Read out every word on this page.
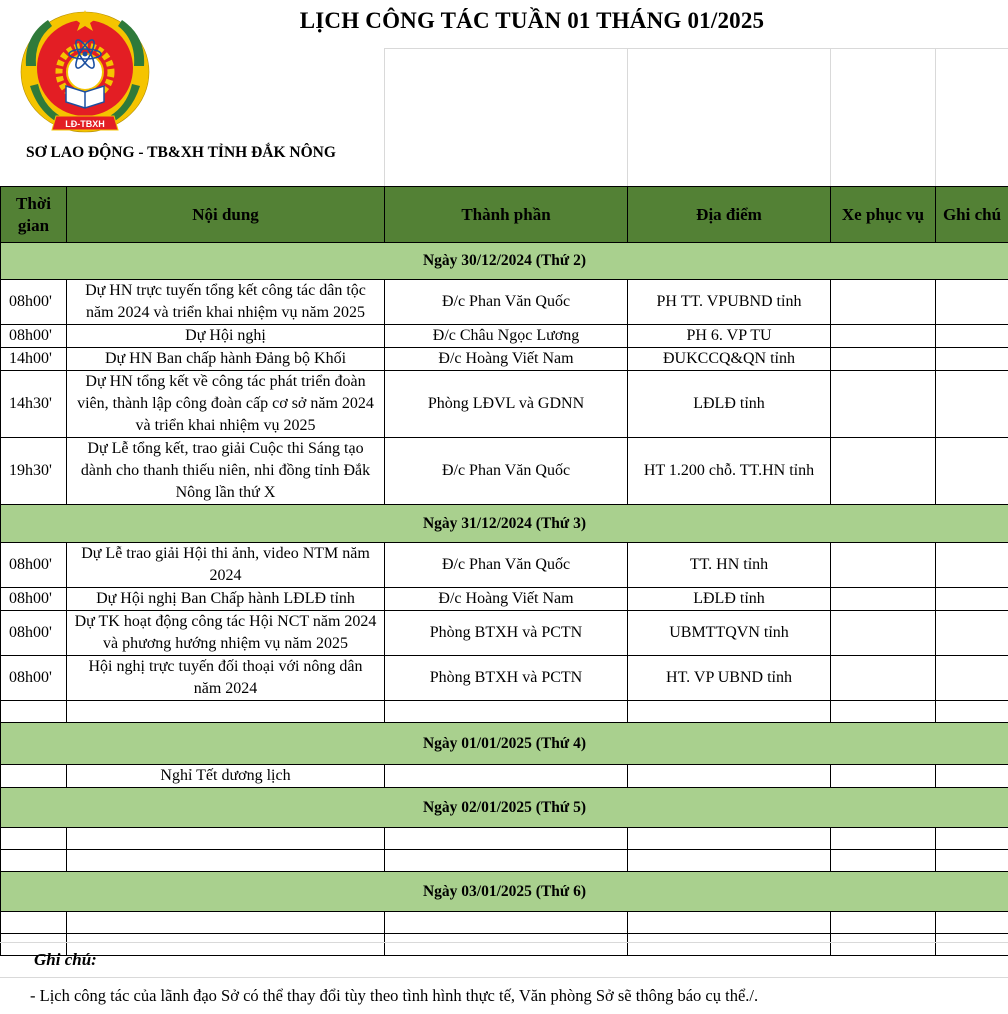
LỊCH CÔNG TÁC TUẦN 01 THÁNG 01/2025
LĐ-TBXH
SƠ LAO ĐỘNG - TB&XH TỈNH ĐẮK NÔNG
Thời gian	Nội dung	Thành phần	Địa điểm	Xe phục vụ	Ghi chú
Ngày 30/12/2024 (Thứ 2)					
08h00'	Dự HN trực tuyến tổng kết công tác dân tộc năm 2024 và triển khai nhiệm vụ năm 2025	Đ/c Phan Văn Quốc	PH TT. VPUBND tỉnh		
08h00'	Dự Hội nghị	Đ/c Châu Ngọc Lương	PH 6. VP TU		
14h00'	Dự HN Ban chấp hành Đảng bộ Khối	Đ/c Hoàng Viết Nam	ĐUKCCQ&QN tỉnh		
14h30'	Dự HN tổng kết về công tác phát triển đoàn viên, thành lập công đoàn cấp cơ sở năm 2024 và triển khai nhiệm vụ 2025	Phòng LĐVL và GDNN	LĐLĐ tỉnh		
19h30'	Dự Lễ tổng kết, trao giải Cuộc thi Sáng tạo dành cho thanh thiếu niên, nhi đồng tỉnh Đắk Nông lần thứ X	Đ/c Phan Văn Quốc	HT 1.200 chỗ. TT.HN tỉnh		
Ngày 31/12/2024 (Thứ 3)					
08h00'	Dự Lễ trao giải Hội thi ảnh, video NTM năm 2024	Đ/c Phan Văn Quốc	TT. HN tỉnh		
08h00'	Dự Hội nghị Ban Chấp hành LĐLĐ tỉnh	Đ/c Hoàng Viết Nam	LĐLĐ tỉnh		
08h00'	Dự TK hoạt động công tác Hội NCT năm 2024 và phương hướng nhiệm vụ năm 2025	Phòng BTXH và PCTN	UBMTTQVN tỉnh		
08h00'	Hội nghị trực tuyến đối thoại với nông dân năm 2024	Phòng BTXH và PCTN	HT. VP UBND tỉnh		

Ngày 01/01/2025 (Thứ 4)					
	Nghỉ Tết dương lịch				
Ngày 02/01/2025 (Thứ 5)					

Ngày 03/01/2025 (Thứ 6)					

Ghi chú:
- Lịch công tác của lãnh đạo Sở có thể thay đổi tùy theo tình hình thực tế, Văn phòng Sở sẽ thông báo cụ thể./.
